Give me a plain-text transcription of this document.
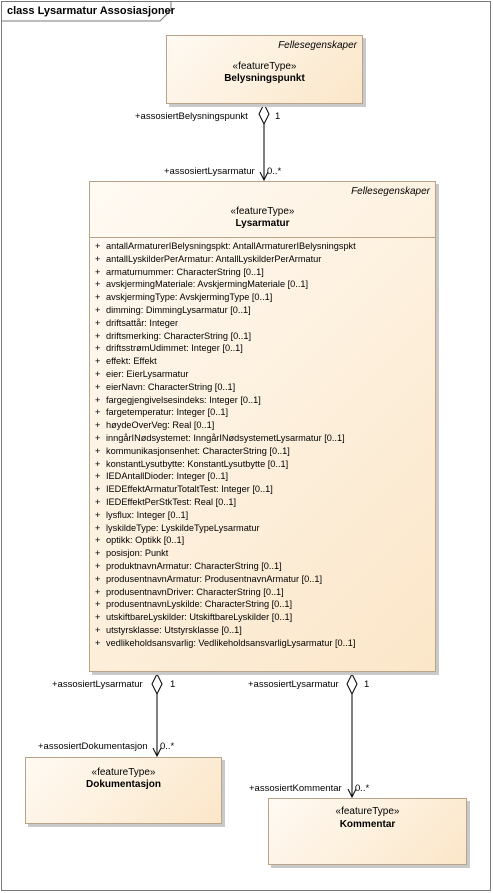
class Lysarmatur Assosiasjoner
Fellesegenskaper
«featureType»
Belysningspunkt
Fellesegenskaper
«featureType»
Lysarmatur
+ antallArmaturerIBelysningspkt: AntallArmaturerIBelysningspkt
+ antallLyskilderPerArmatur: AntallLyskilderPerArmatur
+ armaturnummer: CharacterString [0..1]
+ avskjermingMateriale: AvskjermingMateriale [0..1]
+ avskjermingType: AvskjermingType [0..1]
+ dimming: DimmingLysarmatur [0..1]
+ driftsattår: Integer
+ driftsmerking: CharacterString [0..1]
+ driftsstrømUdimmet: Integer [0..1]
+ effekt: Effekt
+ eier: EierLysarmatur
+ eierNavn: CharacterString [0..1]
+ fargegjengivelsesindeks: Integer [0..1]
+ fargetemperatur: Integer [0..1]
+ høydeOverVeg: Real [0..1]
+ inngårINødsystemet: InngårINødsystemetLysarmatur [0..1]
+ kommunikasjonsenhet: CharacterString [0..1]
+ konstantLysutbytte: KonstantLysutbytte [0..1]
+ IEDAntallDioder: Integer [0..1]
+ IEDEffektArmaturTotaltTest: Integer [0..1]
+ IEDEffektPerStkTest: Real [0..1]
+ lysflux: Integer [0..1]
+ lyskildeType: LyskildeTypeLysarmatur
+ optikk: Optikk [0..1]
+ posisjon: Punkt
+ produktnavnArmatur: CharacterString [0..1]
+ produsentnavnArmatur: ProdusentnavnArmatur [0..1]
+ produsentnavnDriver: CharacterString [0..1]
+ produsentnavnLyskilde: CharacterString [0..1]
+ utskiftbareLyskilder: UtskiftbareLyskilder [0..1]
+ utstyrsklasse: Utstyrsklasse [0..1]
+ vedlikeholdsansvarlig: VedlikeholdsansvarligLysarmatur [0..1]
«featureType»
Dokumentasjon
«featureType»
Kommentar
+assosiertBelysningspunkt	1
+assosiertLysarmatur 0..*
+assosiertLysarmatur	1
+assosiertDokumentasjon 0..*
+assosiertLysarmatur	1
+assosiertKommentar 0..*
